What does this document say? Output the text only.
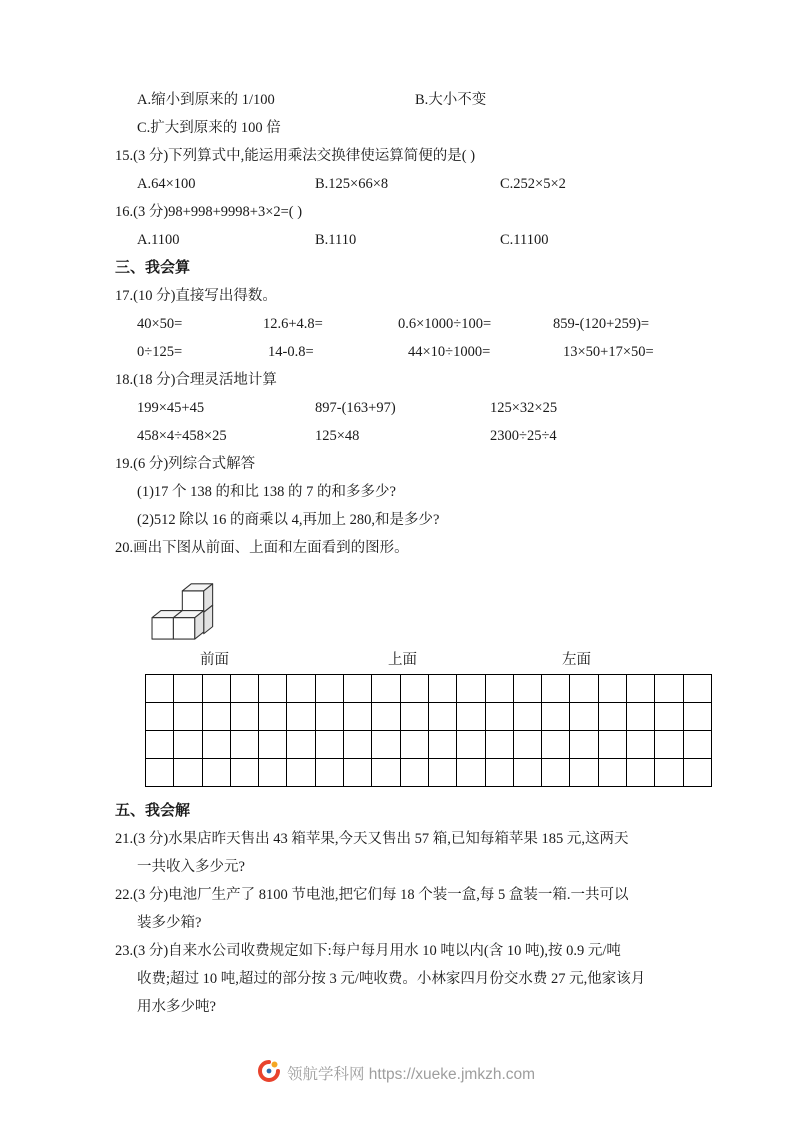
A.缩小到原来的 1/100	B.大小不变

C.扩大到原来的 100 倍

15.(3 分)下列算式中,能运用乘法交换律使运算简便的是( )

A.64×100	B.125×66×8	C.252×5×2

16.(3 分)98+998+9998+3×2=( )

A.1100	B.1110	C.11100

三、我会算

17.(10 分)直接写出得数。

40×50=	12.6+4.8=	0.6×1000÷100=	859-(120+259)=

0÷125=	14-0.8=	44×10÷1000=	13×50+17×50=

18.(18 分)合理灵活地计算

199×45+45	897-(163+97)	125×32×25

458×4÷458×25	125×48	2300÷25÷4

19.(6 分)列综合式解答

(1)17 个 138 的和比 138 的 7 的和多多少?

(2)512 除以 16 的商乘以 4,再加上 280,和是多少?

20.画出下图从前面、上面和左面看到的图形。

前面	上面	左面

五、我会解

21.(3 分)水果店昨天售出 43 箱苹果,今天又售出 57 箱,已知每箱苹果 185 元,这两天

一共收入多少元?

22.(3 分)电池厂生产了 8100 节电池,把它们每 18 个装一盒,每 5 盒装一箱.一共可以

装多少箱?

23.(3 分)自来水公司收费规定如下:每户每月用水 10 吨以内(含 10 吨),按 0.9 元/吨

收费;超过 10 吨,超过的部分按 3 元/吨收费。小林家四月份交水费 27 元,他家该月

用水多少吨?

领航学科网 https://xueke.jmkzh.com
